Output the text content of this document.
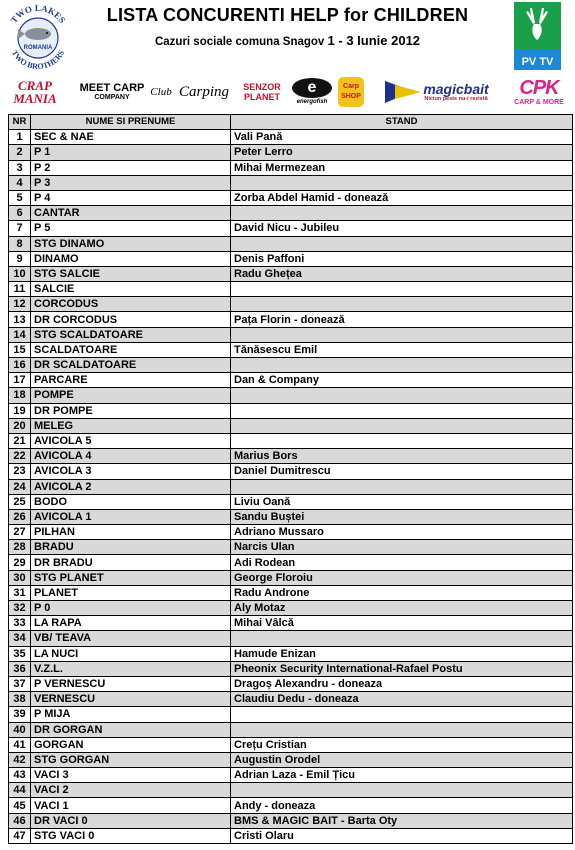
TWO LAKES
TWO BROTHERS
ROMANIA
LISTA CONCURENTI HELP for CHILDREN
Cazuri sociale comuna Snagov 1 - 3 Iunie 2012
PV TV
CRAP MANIA
MEET CARP
COMPANY Club Carping	SENZOR PLANET
e
energofish
Carp SHOP	magicbait
Niciun peste nu-i rezistă CPK
CARP & MORE
NR	NUME SI PRENUME	STAND
1	SEC & NAE	Vali Pană
2	P 1	Peter Lerro
3	P 2	Mihai Mermezean
4	P 3	
5	P 4	Zorba Abdel Hamid - donează
6	CANTAR	
7	P 5	David Nicu - Jubileu
8	STG DINAMO	
9	DINAMO	Denis Paffoni
10	STG SALCIE	Radu Ghețea
11	SALCIE	
12	CORCODUS	
13	DR CORCODUS	Pața Florin - donează
14	STG SCALDATOARE	
15	SCALDATOARE	Tănăsescu Emil
16	DR SCALDATOARE	
17	PARCARE	Dan & Company
18	POMPE	
19	DR POMPE	
20	MELEG	
21	AVICOLA 5	
22	AVICOLA 4	Marius Bors
23	AVICOLA 3	Daniel Dumitrescu
24	AVICOLA 2	
25	BODO	Liviu Oană
26	AVICOLA 1	Sandu Buștei
27	PILHAN	Adriano Mussaro
28	BRADU	Narcis Ulan
29	DR BRADU	Adi Rodean
30	STG PLANET	George Floroiu
31	PLANET	Radu Androne
32	P 0	Aly Motaz
33	LA RAPA	Mihai Vâlcă
34	VB/ TEAVA	
35	LA NUCI	Hamude Enizan
36	V.Z.L.	Pheonix Security International-Rafael Postu
37	P VERNESCU	Dragoș Alexandru - doneaza
38	VERNESCU	Claudiu Dedu - doneaza
39	P MIJA	
40	DR GORGAN	
41	GORGAN	Crețu Cristian
42	STG GORGAN	Augustin Orodel
43	VACI 3	Adrian Laza - Emil Țicu
44	VACI 2	
45	VACI 1	Andy - doneaza
46	DR VACI 0	BMS & MAGIC BAIT - Barta Oty
47	STG VACI 0	Cristi Olaru
